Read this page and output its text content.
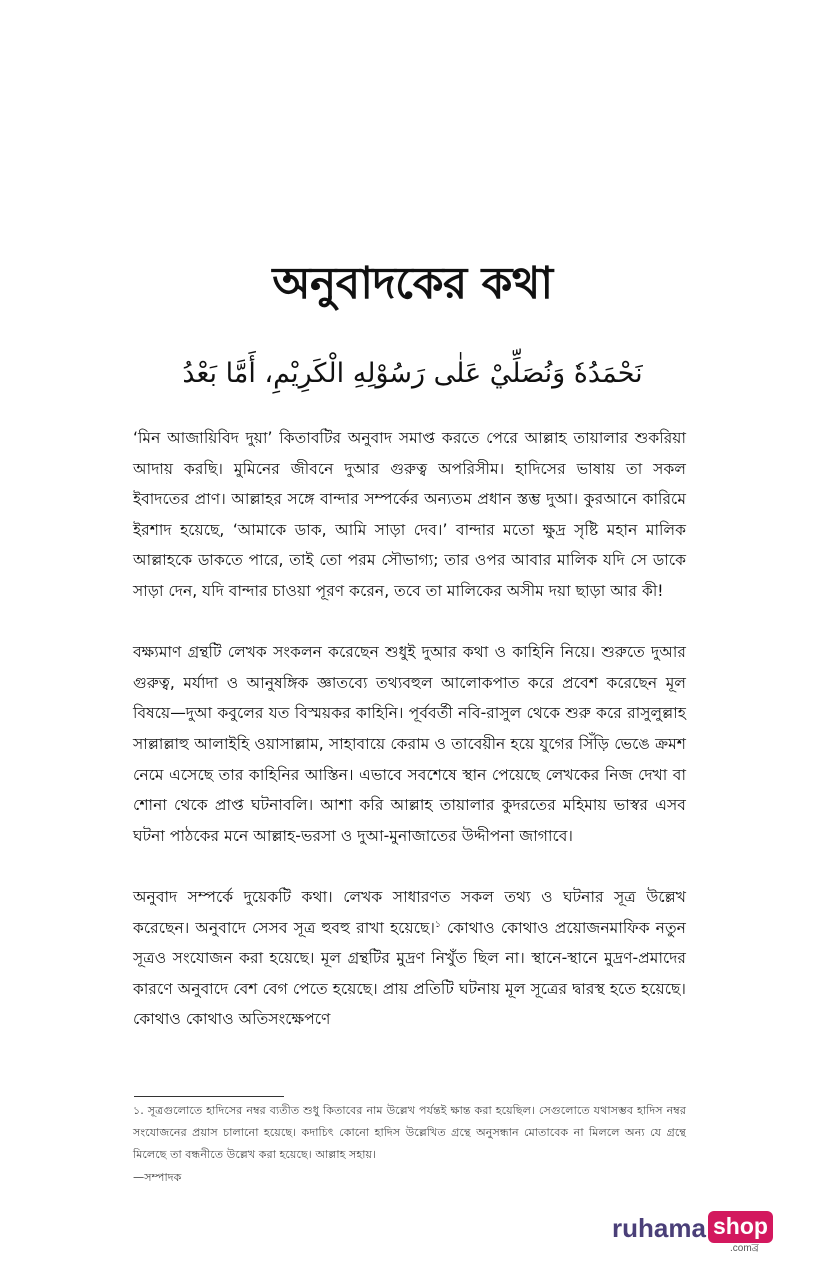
অনুবাদকের কথা
نَحْمَدُهٗ وَنُصَلِّيْ عَلٰى رَسُوْلِهِ الْكَرِيْمِ، أَمَّا بَعْدُ

‘মিন আজায়িবিদ দুয়া’ কিতাবটির অনুবাদ সমাপ্ত করতে পেরে আল্লাহ তায়ালার শুকরিয়া আদায় করছি। মুমিনের জীবনে দুআর গুরুত্ব অপরিসীম। হাদিসের ভাষায় তা সকল ইবাদতের প্রাণ। আল্লাহর সঙ্গে বান্দার সম্পর্কের অন্যতম প্রধান স্তম্ভ দুআ। কুরআনে কারিমে ইরশাদ হয়েছে, ‘আমাকে ডাক, আমি সাড়া দেব।’ বান্দার মতো ক্ষুদ্র সৃষ্টি মহান মালিক আল্লাহকে ডাকতে পারে, তাই তো পরম সৌভাগ্য; তার ওপর আবার মালিক যদি সে ডাকে সাড়া দেন, যদি বান্দার চাওয়া পূরণ করেন, তবে তা মালিকের অসীম দয়া ছাড়া আর কী!

বক্ষ্যমাণ গ্রন্থটি লেখক সংকলন করেছেন শুধুই দুআর কথা ও কাহিনি নিয়ে। শুরুতে দুআর গুরুত্ব, মর্যাদা ও আনুষঙ্গিক জ্ঞাতব্যে তথ্যবহুল আলোকপাত করে প্রবেশ করেছেন মূল বিষয়ে—দুআ কবুলের যত বিস্ময়কর কাহিনি। পূর্ববর্তী নবি-রাসুল থেকে শুরু করে রাসুলুল্লাহ সাল্লাল্লাহু আলাইহি ওয়াসাল্লাম, সাহাবায়ে কেরাম ও তাবেয়ীন হয়ে যুগের সিঁড়ি ভেঙে ক্রমশ নেমে এসেছে তার কাহিনির আস্তিন। এভাবে সবশেষে স্থান পেয়েছে লেখকের নিজ দেখা বা শোনা থেকে প্রাপ্ত ঘটনাবলি। আশা করি আল্লাহ তায়ালার কুদরতের মহিমায় ভাস্বর এসব ঘটনা পাঠকের মনে আল্লাহ-ভরসা ও দুআ-মুনাজাতের উদ্দীপনা জাগাবে।

অনুবাদ সম্পর্কে দুয়েকটি কথা। লেখক সাধারণত সকল তথ্য ও ঘটনার সূত্র উল্লেখ করেছেন। অনুবাদে সেসব সূত্র হুবহু রাখা হয়েছে।$^১$ কোথাও কোথাও প্রয়োজনমাফিক নতুন সূত্রও সংযোজন করা হয়েছে। মূল গ্রন্থটির মুদ্রণ নিখুঁত ছিল না। স্থানে-স্থানে মুদ্রণ-প্রমাদের কারণে অনুবাদে বেশ বেগ পেতে হয়েছে। প্রায় প্রতিটি ঘটনায় মূল সূত্রের দ্বারস্থ হতে হয়েছে। কোথাও কোথাও অতিসংক্ষেপণে

১. সূত্রগুলোতে হাদিসের নম্বর ব্যতীত শুধু কিতাবের নাম উল্লেখ পর্যন্তই ক্ষান্ত করা হয়েছিল। সেগুলোতে যথাসম্ভব হাদিস নম্বর সংযোজনের প্রয়াস চালানো হয়েছে। কদাচিৎ কোনো হাদিস উল্লেখিত গ্রন্থে অনুসন্ধান মোতাবেক না মিললে অন্য যে গ্রন্থে মিলেছে তা বন্ধনীতে উল্লেখ করা হয়েছে। আল্লাহ সহায়।
—সম্পাদক
ruhama shop
.comব্র
